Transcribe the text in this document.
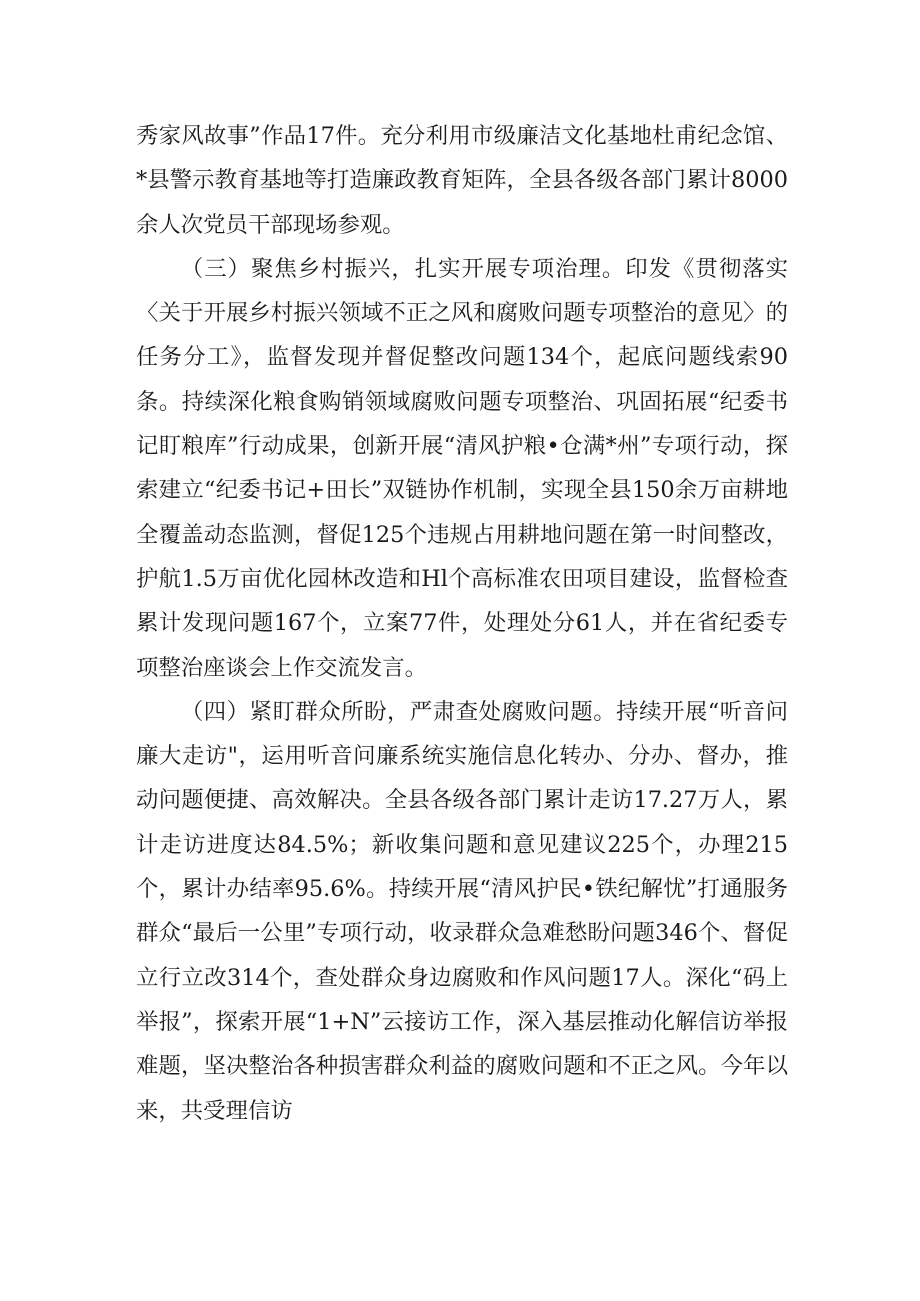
秀家风故事”作品17件。充分利用市级廉洁文化基地杜甫纪念馆、*县警示教育基地等打造廉政教育矩阵，全县各级各部门累计8000余人次党员干部现场参观。

（三）聚焦乡村振兴，扎实开展专项治理。印发《贯彻落实〈关于开展乡村振兴领域不正之风和腐败问题专项整治的意见〉的任务分工》，监督发现并督促整改问题134个，起底问题线索90条。持续深化粮食购销领域腐败问题专项整治、巩固拓展“纪委书记盯粮库”行动成果，创新开展“清风护粮•仓满*州”专项行动，探索建立“纪委书记+田长”双链协作机制，实现全县150余万亩耕地全覆盖动态监测，督促125个违规占用耕地问题在第一时间整改，护航1.5万亩优化园林改造和Hl个高标准农田项目建设，监督检查累计发现问题167个，立案77件，处理处分61人，并在省纪委专项整治座谈会上作交流发言。

（四）紧盯群众所盼，严肃查处腐败问题。持续开展“听音问廉大走访"，运用听音问廉系统实施信息化转办、分办、督办，推动问题便捷、高效解决。全县各级各部门累计走访17.27万人，累计走访进度达84.5%；新收集问题和意见建议225个，办理215个，累计办结率95.6%。持续开展“清风护民•铁纪解忧”打通服务群众“最后一公里”专项行动，收录群众急难愁盼问题346个、督促立行立改314个，查处群众身边腐败和作风问题17人。深化“码上举报”，探索开展“1+N”云接访工作，深入基层推动化解信访举报难题，坚决整治各种损害群众利益的腐败问题和不正之风。今年以来，共受理信访
